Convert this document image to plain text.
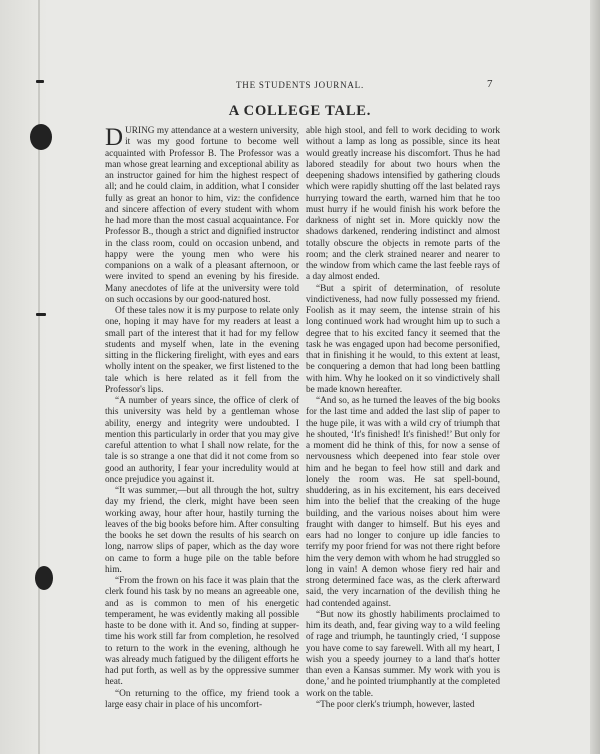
THE STUDENTS JOURNAL.	7
A COLLEGE TALE.

DURING my attendance at a western university, it was my good fortune to become well acquainted with Professor B. The Professor was a man whose great learning and exceptional ability as an instructor gained for him the highest respect of all; and he could claim, in addition, what I consider fully as great an honor to him, viz: the confidence and sincere affection of every student with whom he had more than the most casual acquaintance. For Professor B., though a strict and dignified instructor in the class room, could on occasion unbend, and happy were the young men who were his companions on a walk of a pleasant afternoon, or were invited to spend an evening by his fireside. Many anecdotes of life at the university were told on such occasions by our good-natured host.

Of these tales now it is my purpose to relate only one, hoping it may have for my readers at least a small part of the interest that it had for my fellow students and myself when, late in the evening sitting in the flickering firelight, with eyes and ears wholly intent on the speaker, we first listened to the tale which is here related as it fell from the Professor's lips.

“A number of years since, the office of clerk of this university was held by a gentleman whose ability, energy and integrity were undoubted. I mention this particularly in order that you may give careful attention to what I shall now relate, for the tale is so strange a one that did it not come from so good an authority, I fear your incredulity would at once prejudice you against it.

“It was summer,—but all through the hot, sultry day my friend, the clerk, might have been seen working away, hour after hour, hastily turning the leaves of the big books before him. After consulting the books he set down the results of his search on long, narrow slips of paper, which as the day wore on came to form a huge pile on the table before him.

“From the frown on his face it was plain that the clerk found his task by no means an agreeable one, and as is common to men of his energetic temperament, he was evidently making all possible haste to be done with it. And so, finding at supper-time his work still far from completion, he resolved to return to the work in the evening, although he was already much fatigued by the diligent efforts he had put forth, as well as by the oppressive summer heat.

“On returning to the office, my friend took a large easy chair in place of his uncomfort-

able high stool, and fell to work deciding to work without a lamp as long as possible, since its heat would greatly increase his discomfort. Thus he had labored steadily for about two hours when the deepening shadows intensified by gathering clouds which were rapidly shutting off the last belated rays hurrying toward the earth, warned him that he too must hurry if he would finish his work before the darkness of night set in. More quickly now the shadows darkened, rendering indistinct and almost totally obscure the objects in remote parts of the room; and the clerk strained nearer and nearer to the window from which came the last feeble rays of a day almost ended.

“But a spirit of determination, of resolute vindictiveness, had now fully possessed my friend. Foolish as it may seem, the intense strain of his long continued work had wrought him up to such a degree that to his excited fancy it seemed that the task he was engaged upon had become personified, that in finishing it he would, to this extent at least, be conquering a demon that had long been battling with him. Why he looked on it so vindictively shall be made known hereafter.

“And so, as he turned the leaves of the big books for the last time and added the last slip of paper to the huge pile, it was with a wild cry of triumph that he shouted, ‘It's finished! It's finished!’ But only for a moment did he think of this, for now a sense of nervousness which deepened into fear stole over him and he began to feel how still and dark and lonely the room was. He sat spell-bound, shuddering, as in his excitement, his ears deceived him into the belief that the creaking of the huge building, and the various noises about him were fraught with danger to himself. But his eyes and ears had no longer to conjure up idle fancies to terrify my poor friend for was not there right before him the very demon with whom he had struggled so long in vain! A demon whose fiery red hair and strong determined face was, as the clerk afterward said, the very incarnation of the devilish thing he had contended against.

“But now its ghostly habiliments proclaimed to him its death, and, fear giving way to a wild feeling of rage and triumph, he tauntingly cried, ‘I suppose you have come to say farewell. With all my heart, I wish you a speedy journey to a land that's hotter than even a Kansas summer. My work with you is done,’ and he pointed triumphantly at the completed work on the table.

“The poor clerk's triumph, however, lasted
